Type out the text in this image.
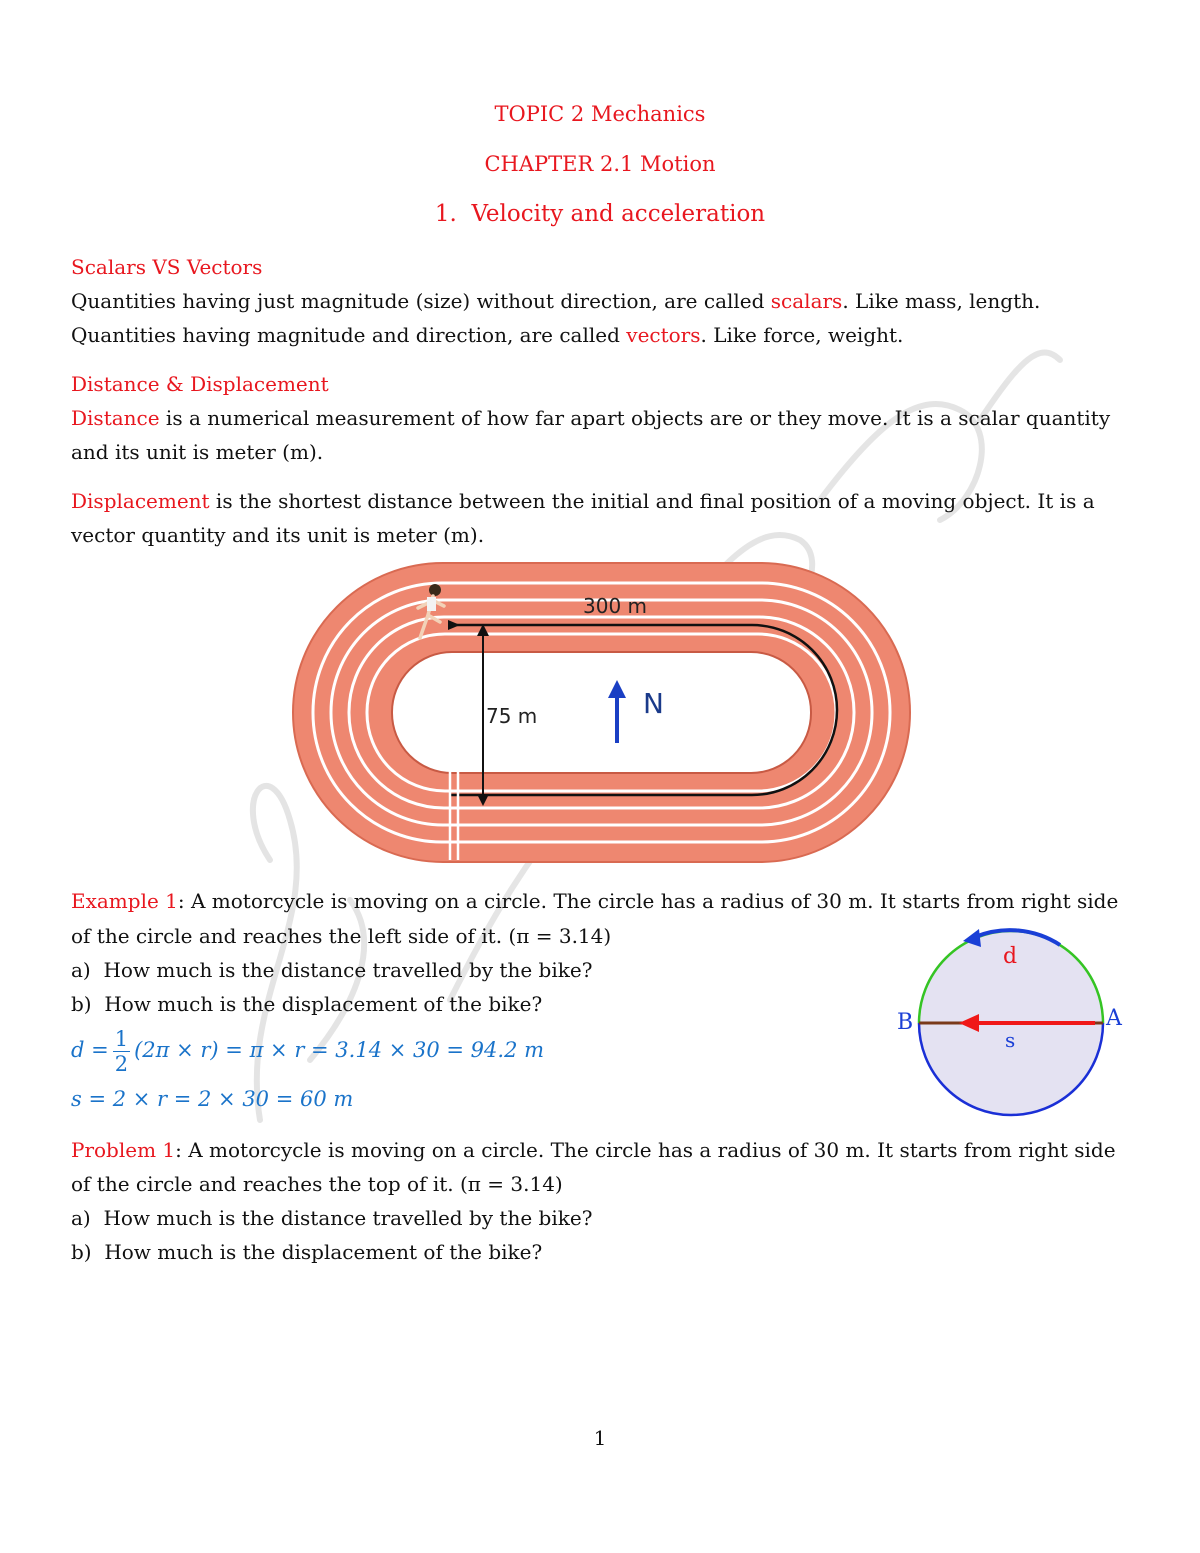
TOPIC 2 Mechanics
CHAPTER 2.1 Motion
1. Velocity and acceleration
Scalars VS Vectors
Quantities having just magnitude (size) without direction, are called scalars. Like mass, length.
Quantities having magnitude and direction, are called vectors. Like force, weight.
Distance & Displacement
Distance is a numerical measurement of how far apart objects are or they move. It is a scalar quantity
and its unit is meter (m).
Displacement is the shortest distance between the initial and final position of a moving object. It is a
vector quantity and its unit is meter (m).
300 m
75 m	N
Example 1: A motorcycle is moving on a circle. The circle has a radius of 30 m. It starts from right side
of the circle and reaches the left side of it. (π = 3.14)
a) How much is the distance travelled by the bike?
b) How much is the displacement of the bike?
$d = \frac{1}{2} (2\pi \times r) = \pi \times r = 3.14 \times 30 = 94.2$ m
s = 2 × r = 2 × 30 = 60 m
d
s
A
B
Problem 1: A motorcycle is moving on a circle. The circle has a radius of 30 m. It starts from right side
of the circle and reaches the top of it. (π = 3.14)
a) How much is the distance travelled by the bike?
b) How much is the displacement of the bike?
1
